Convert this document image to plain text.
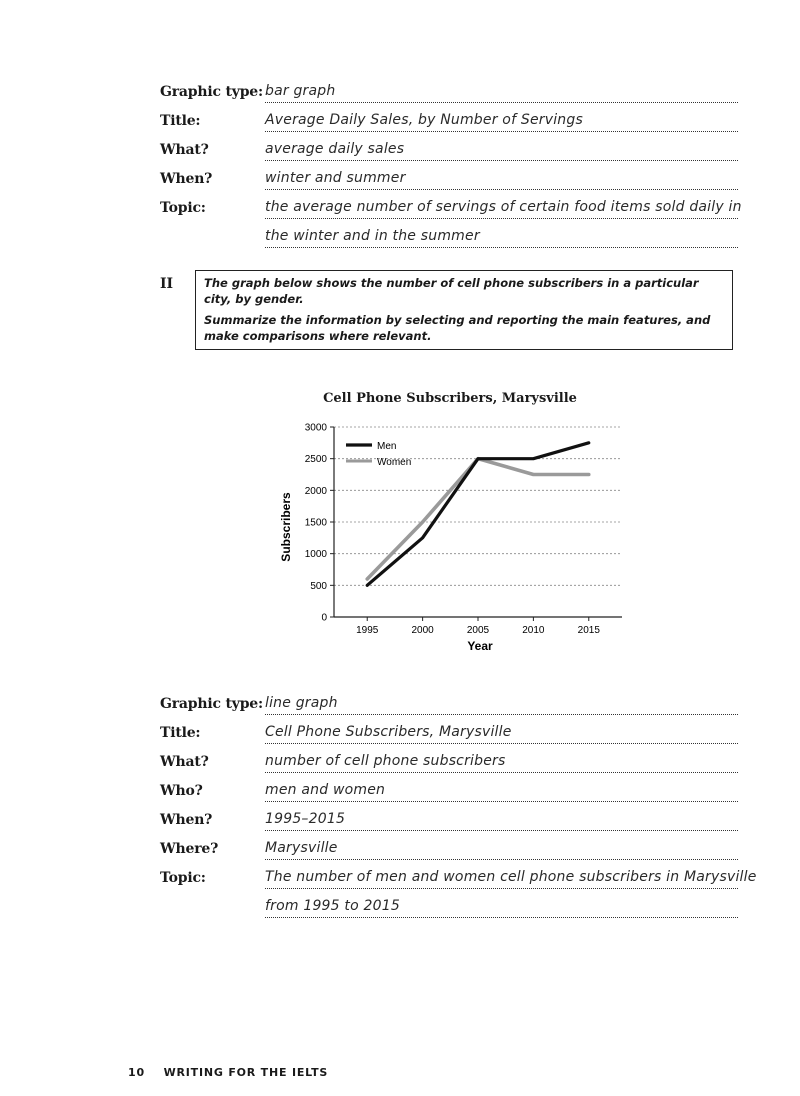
Graphic type: bar graph
Title:	Average Daily Sales, by Number of Servings
What?	average daily sales
When?	winter and summer
Topic:	the average number of servings of certain food items sold daily in
the winter and in the summer
II	The graph below shows the number of cell phone subscribers in a particular city, by gender.

Summarize the information by selecting and reporting the main features, and make comparisons where relevant.

Cell Phone Subscribers, Marysville
0
500
1000
1500
2000
2500
3000
1995	2000	2005	2010	2015
Year
Subscribers
Men
Women
Graphic type: line graph
Title:	Cell Phone Subscribers, Marysville
What?	number of cell phone subscribers
Who?	men and women
When?	1995–2015
Where?	Marysville
Topic:	The number of men and women cell phone subscribers in Marysville
from 1995 to 2015
10 WRITING FOR THE IELTS
